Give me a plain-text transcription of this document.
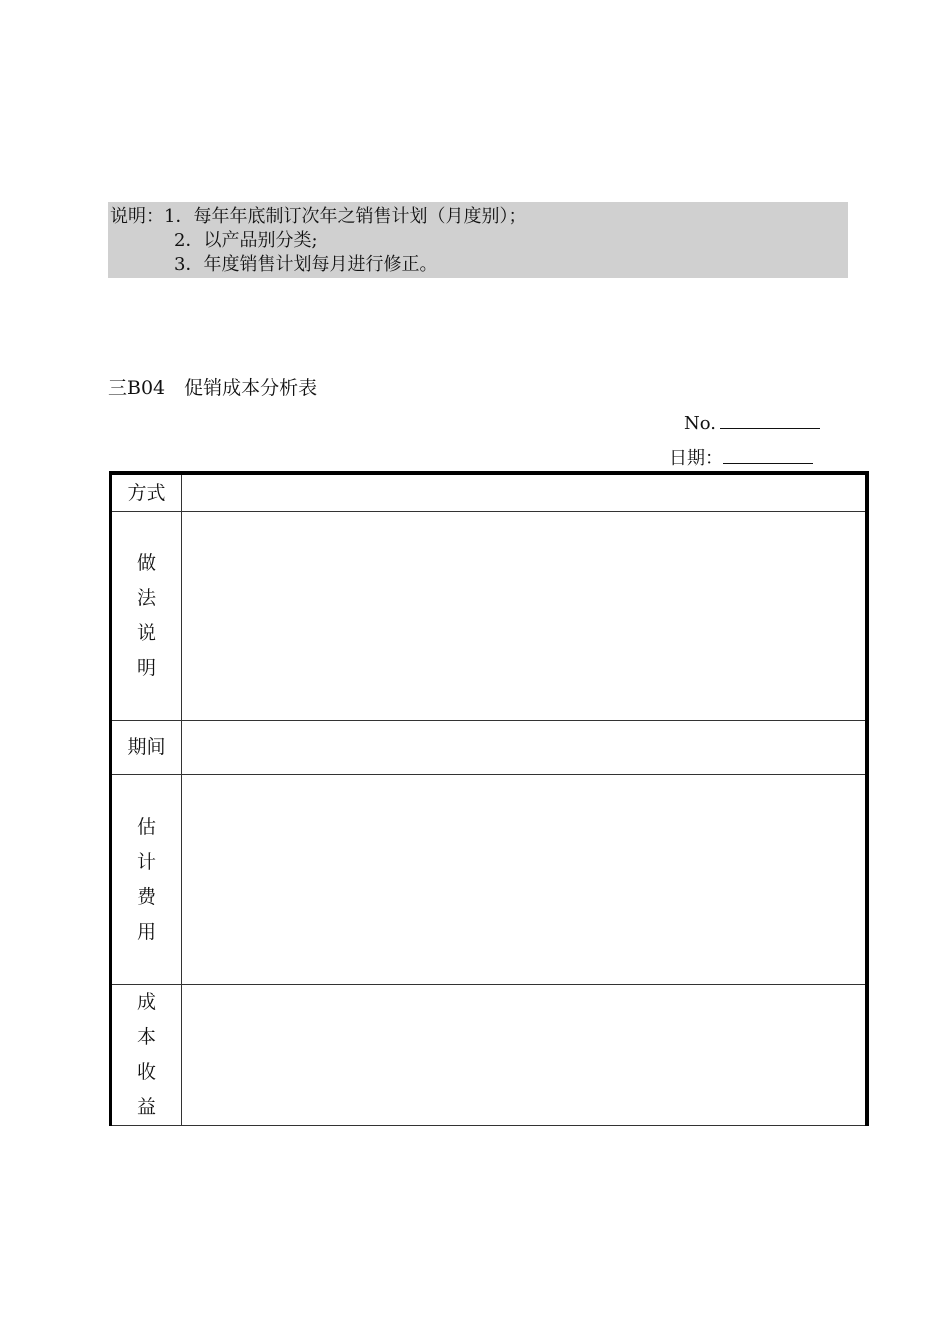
说明：1．每年年底制订次年之销售计划（月度别）；
2．以产品别分类;
3．年度销售计划每月进行修正。
三B04　促销成本分析表
No.
日期：
方式	
做法说明	
期间	
估计费用	
成本收益	
